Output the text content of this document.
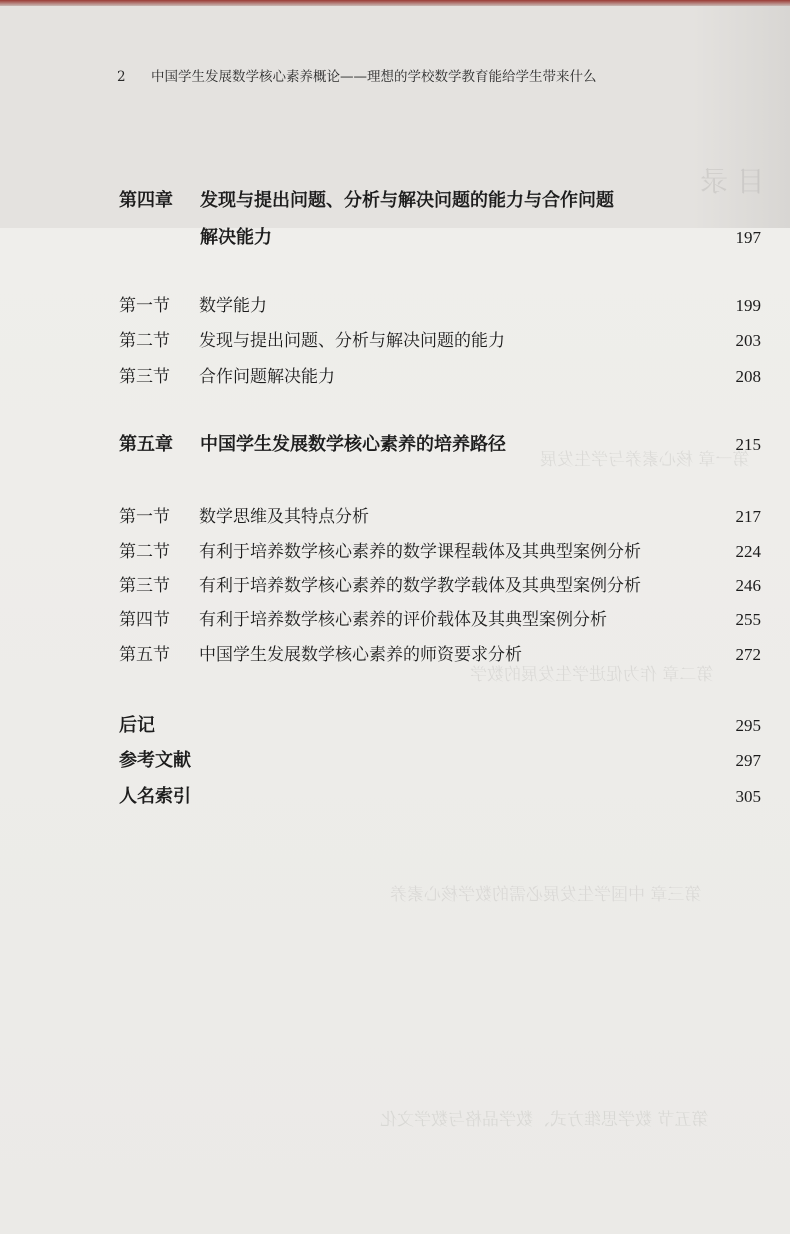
目 录
第一章 核心素养与学生发展
第二章 作为促进学生发展的数学
第三章 中国学生发展必需的数学核心素养
第五节 数学思维方式、数学品格与数学文化
2 中国学生发展数学核心素养概论——理想的学校数学教育能给学生带来什么
第四章 发现与提出问题、分析与解决问题的能力与合作问题
解决能力	197
第一节 数学能力	199
第二节 发现与提出问题、分析与解决问题的能力	203
第三节 合作问题解决能力	208
第五章 中国学生发展数学核心素养的培养路径	215
第一节 数学思维及其特点分析	217
第二节 有利于培养数学核心素养的数学课程载体及其典型案例分析	224
第三节 有利于培养数学核心素养的数学教学载体及其典型案例分析	246
第四节 有利于培养数学核心素养的评价载体及其典型案例分析	255
第五节 中国学生发展数学核心素养的师资要求分析	272
后记	295
参考文献	297
人名索引	305
